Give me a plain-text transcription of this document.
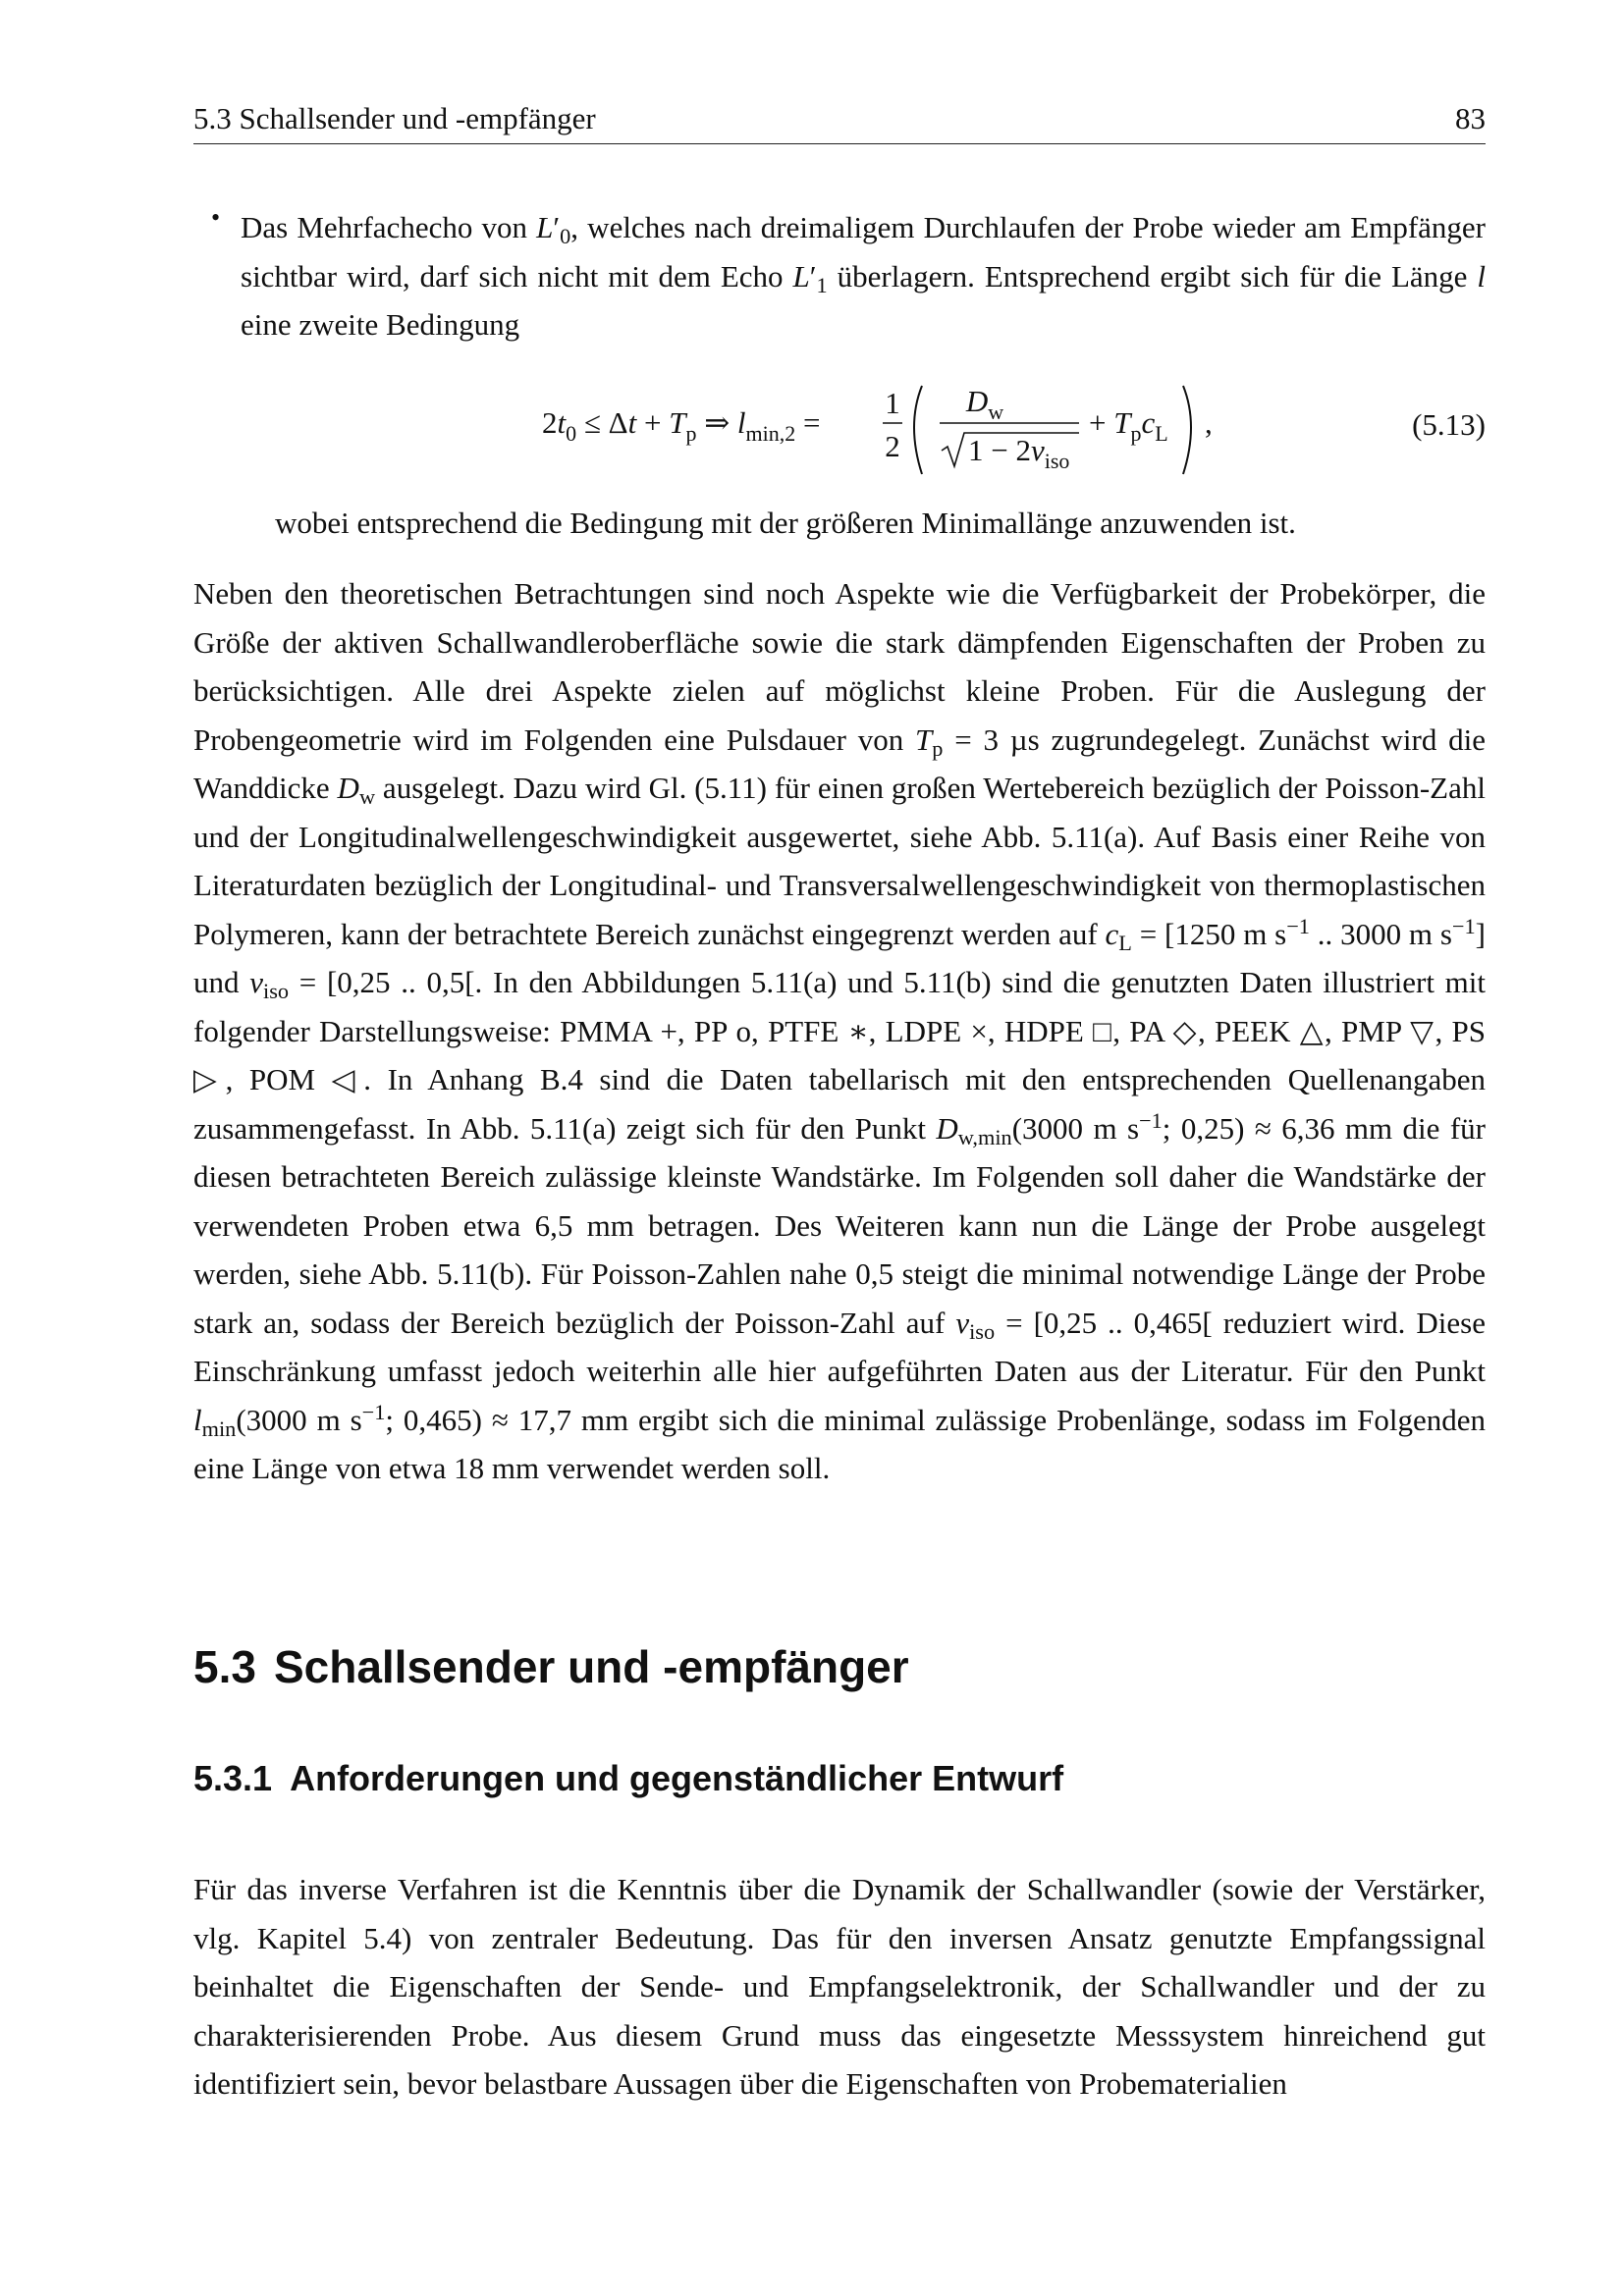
5.3 Schallsender und -empfänger	83
• Das Mehrfachecho von $L'_0$, welches nach dreimaligem Durchlaufen der Probe wieder am Empfänger sichtbar wird, darf sich nicht mit dem Echo $L'_1$ überlagern. Entsprechend ergibt sich für die Länge l eine zweite Bedingung
$2t_0 \le \Delta t + T_p$ ⇒ $l_{min,2}$ =
1
2
$D_w$
$1 - 2\nu_{iso}$
+ $T_pc_L$ ,	(5.13)
wobei entsprechend die Bedingung mit der größeren Minimallänge anzuwenden ist.
Neben den theoretischen Betrachtungen sind noch Aspekte wie die Verfügbarkeit der Probekörper, die Größe der aktiven Schallwandleroberfläche sowie die stark dämpfenden Eigenschaften der Proben zu berücksichtigen. Alle drei Aspekte zielen auf möglichst kleine Proben. Für die Auslegung der Probengeometrie wird im Folgenden eine Pulsdauer von $T_p = 3$ µs zugrundegelegt. Zunächst wird die Wanddicke $D_w$ ausgelegt. Dazu wird Gl. (5.11) für einen großen Wertebereich bezüglich der Poisson-Zahl und der Longitudinalwellengeschwindigkeit ausgewertet, siehe Abb. 5.11(a). Auf Basis einer Reihe von Literaturdaten bezüglich der Longitudinal- und Transversalwellengeschwindigkeit von thermoplastischen Polymeren, kann der betrachtete Bereich zunächst eingegrenzt werden auf $c_L = [1250$ m $s^{-1}$ .. 3000 m $s^{-1}$] und $\nu_{iso} = [0,25$ .. 0,5[. In den Abbildungen 5.11(a) und 5.11(b) sind die genutzten Daten illustriert mit folgender Darstellungsweise: PMMA +, PP o, PTFE ∗, LDPE ×, HDPE □, PA ◇, PEEK △, PMP ▽, PS ▷, POM ◁. In Anhang B.4 sind die Daten tabellarisch mit den entsprechenden Quellenangaben zusammengefasst. In Abb. 5.11(a) zeigt sich für den Punkt $D_{w,min}(3000$ m $s^{-1}$; 0,25) ≈ 6,36 mm die für diesen betrachteten Bereich zulässige kleinste Wandstärke. Im Folgenden soll daher die Wandstärke der verwendeten Proben etwa 6,5 mm betragen. Des Weiteren kann nun die Länge der Probe ausgelegt werden, siehe Abb. 5.11(b). Für Poisson-Zahlen nahe 0,5 steigt die minimal notwendige Länge der Probe stark an, sodass der Bereich bezüglich der Poisson-Zahl auf $\nu_{iso} = [0,25$ .. 0,465[ reduziert wird. Diese Einschränkung umfasst jedoch weiterhin alle hier aufgeführten Daten aus der Literatur. Für den Punkt $l_{min}(3000$ m $s^{-1}$; 0,465) ≈ 17,7 mm ergibt sich die minimal zulässige Probenlänge, sodass im Folgenden eine Länge von etwa 18 mm verwendet werden soll.
5.3 Schallsender und -empfänger
5.3.1 Anforderungen und gegenständlicher Entwurf
Für das inverse Verfahren ist die Kenntnis über die Dynamik der Schallwandler (sowie der Verstärker, vlg. Kapitel 5.4) von zentraler Bedeutung. Das für den inversen Ansatz genutzte Empfangssignal beinhaltet die Eigenschaften der Sende- und Empfangselektronik, der Schallwandler und der zu charakterisierenden Probe. Aus diesem Grund muss das eingesetzte Messsystem hinreichend gut identifiziert sein, bevor belastbare Aussagen über die Eigenschaften von Probematerialien
